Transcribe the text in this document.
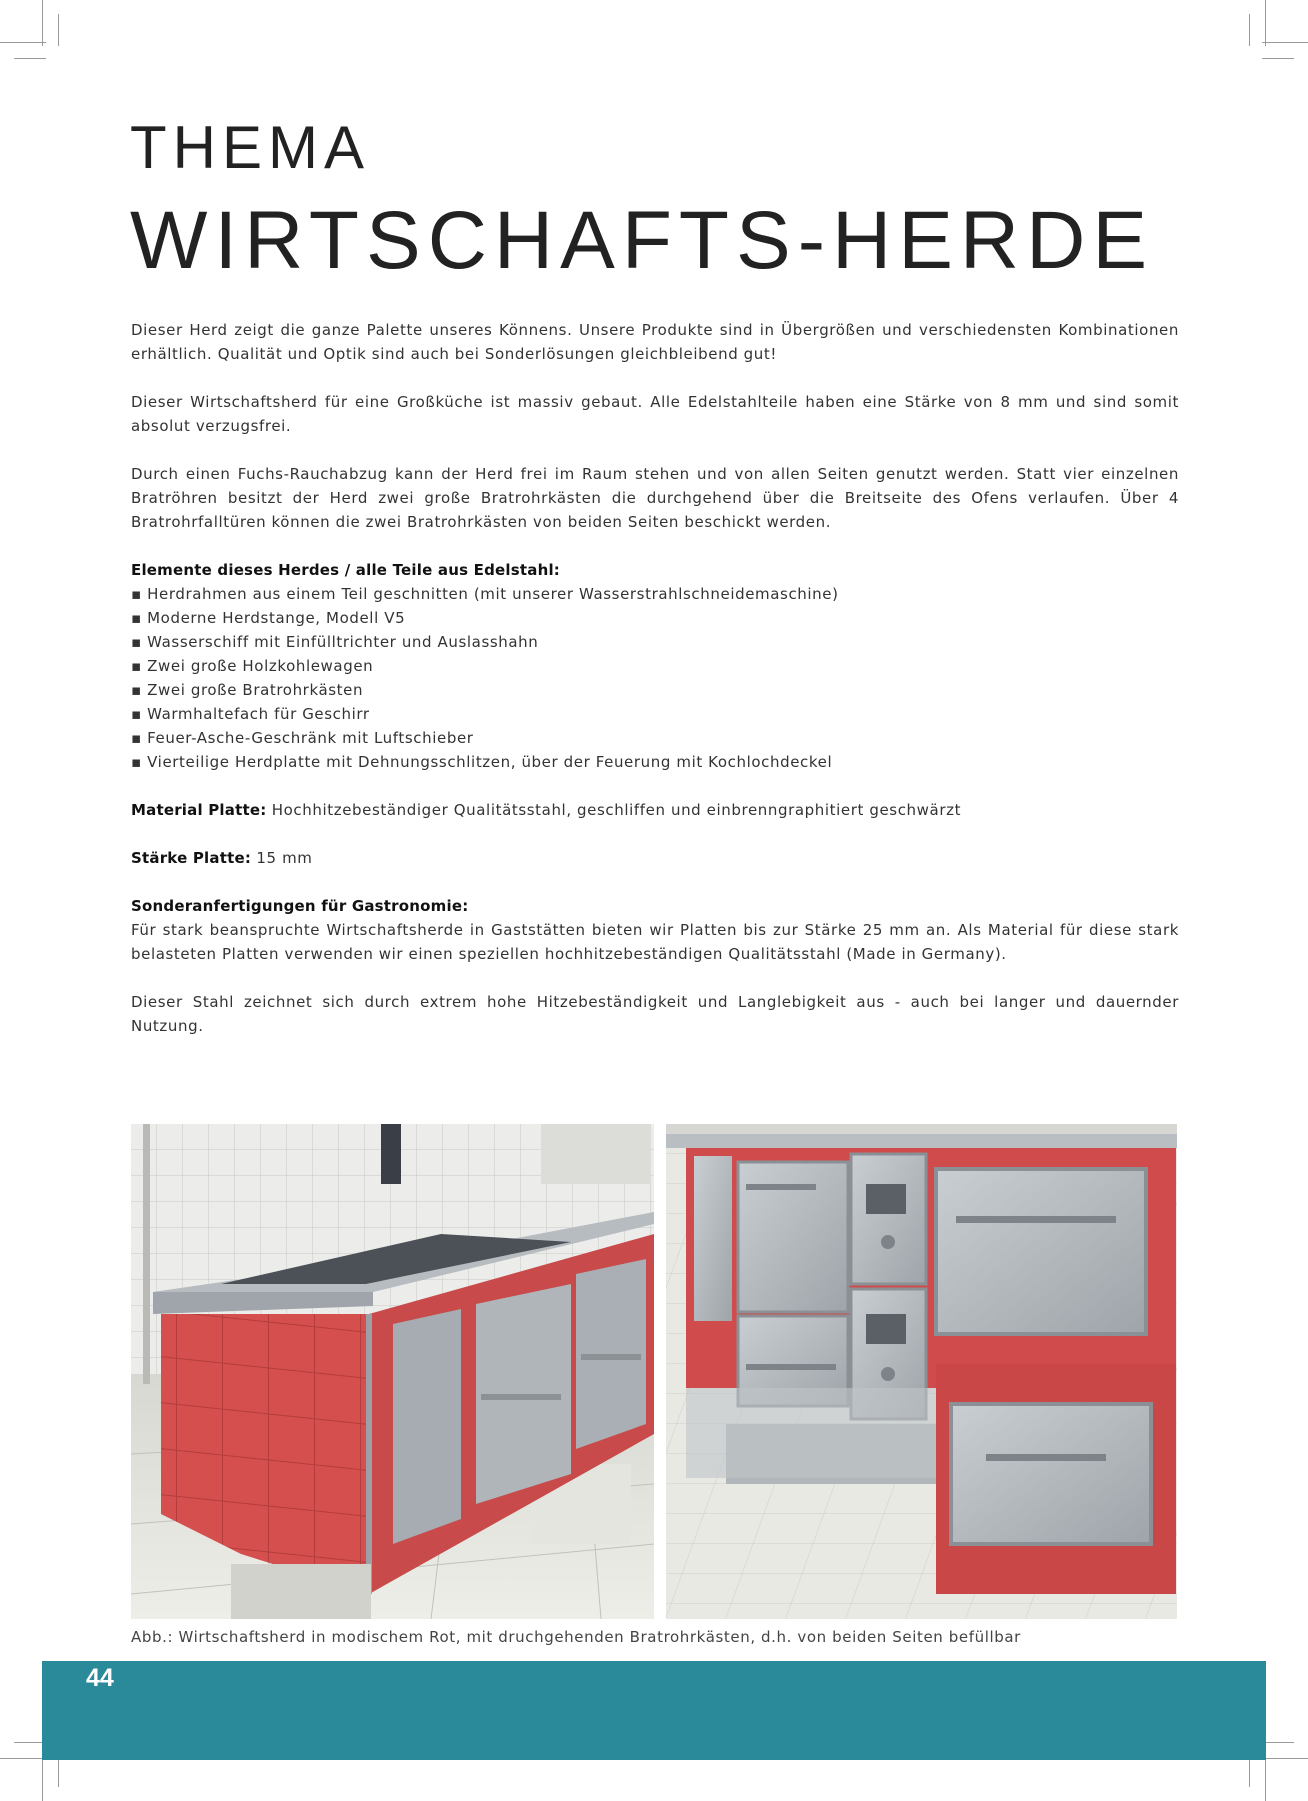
THEMA
WIRTSCHAFTS-HERDE

Dieser Herd zeigt die ganze Palette unseres Könnens. Unsere Produkte sind in Übergrößen und verschiedensten Kombinationen erhältlich. Qualität und Optik sind auch bei Sonderlösungen gleichbleibend gut!

Dieser Wirtschaftsherd für eine Großküche ist massiv gebaut. Alle Edelstahlteile haben eine Stärke von 8 mm und sind somit absolut verzugsfrei.

Durch einen Fuchs-Rauchabzug kann der Herd frei im Raum stehen und von allen Seiten genutzt werden. Statt vier einzelnen Bratröhren besitzt der Herd zwei große Bratrohrkästen die durchgehend über die Breitseite des Ofens verlaufen. Über 4 Bratrohrfalltüren können die zwei Bratrohrkästen von beiden Seiten beschickt werden.

Elemente dieses Herdes / alle Teile aus Edelstahl:
▪ Herdrahmen aus einem Teil geschnitten (mit unserer Wasserstrahlschneidemaschine)
▪ Moderne Herdstange, Modell V5
▪ Wasserschiff mit Einfülltrichter und Auslasshahn
▪ Zwei große Holzkohlewagen
▪ Zwei große Bratrohrkästen
▪ Warmhaltefach für Geschirr
▪ Feuer-Asche-Geschränk mit Luftschieber
▪ Vierteilige Herdplatte mit Dehnungsschlitzen, über der Feuerung mit Kochlochdeckel

Material Platte: Hochhitzebeständiger Qualitätsstahl, geschliffen und einbrenngraphitiert geschwärzt

Stärke Platte: 15 mm

Sonderanfertigungen für Gastronomie:

Für stark beanspruchte Wirtschaftsherde in Gaststätten bieten wir Platten bis zur Stärke 25 mm an. Als Material für diese stark belasteten Platten verwenden wir einen speziellen hochhitzebeständigen Qualitätsstahl (Made in Germany).

Dieser Stahl zeichnet sich durch extrem hohe Hitzebeständigkeit und Langlebigkeit aus - auch bei langer und dauernder Nutzung.

Abb.: Wirtschaftsherd in modischem Rot, mit druchgehenden Bratrohrkästen, d.h. von beiden Seiten befüllbar
44
